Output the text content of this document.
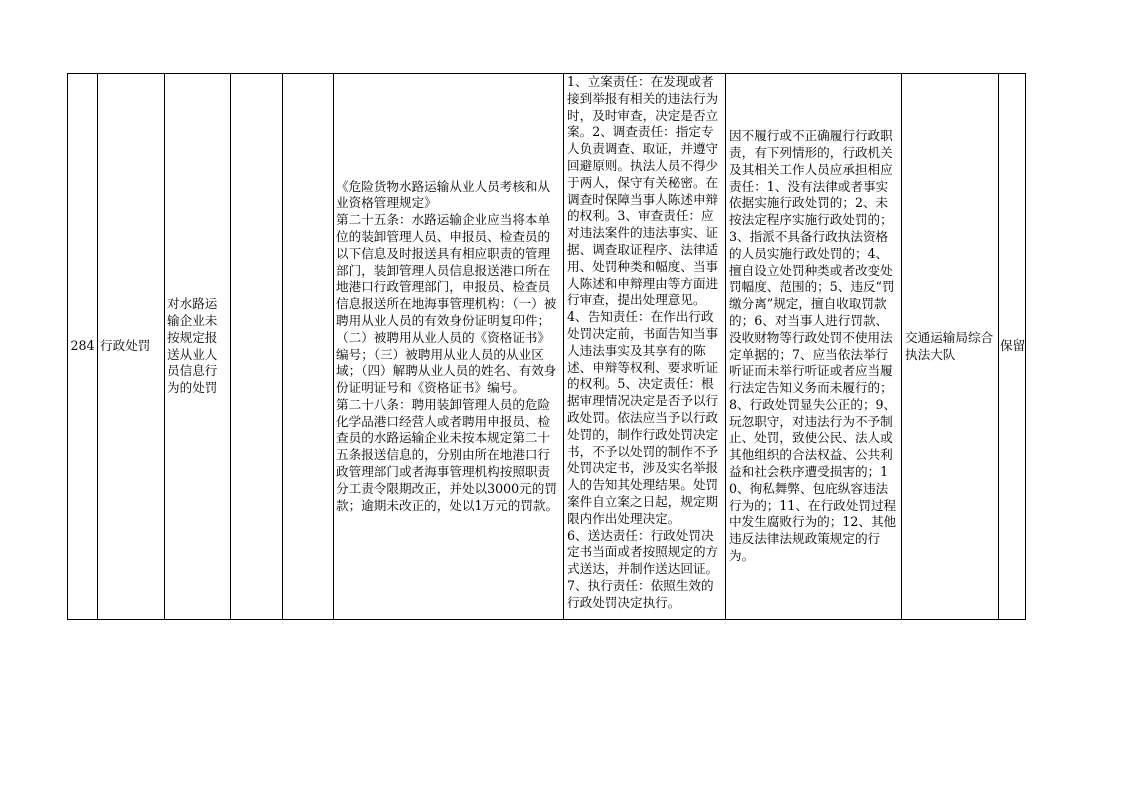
284 行政处罚
对水路运输企业未按规定报送从业人员信息行为的处罚
《危险货物水路运输从业人员考核和从业资格管理规定》
第二十五条：水路运输企业应当将本单位的装卸管理人员、申报员、检查员的以下信息及时报送具有相应职责的管理部门，装卸管理人员信息报送港口所在地港口行政管理部门，申报员、检查员信息报送所在地海事管理机构：（一）被聘用从业人员的有效身份证明复印件；（二）被聘用从业人员的《资格证书》编号；（三）被聘用从业人员的从业区域；（四）解聘从业人员的姓名、有效身份证明证号和《资格证书》编号。
第二十八条：聘用装卸管理人员的危险化学品港口经营人或者聘用申报员、检查员的水路运输企业未按本规定第二十五条报送信息的，分别由所在地港口行政管理部门或者海事管理机构按照职责分工责令限期改正，并处以3000元的罚款；逾期未改正的，处以1万元的罚款。
1、立案责任：在发现或者接到举报有相关的违法行为时，及时审查，决定是否立案。2、调查责任：指定专人负责调查、取证，并遵守回避原则。执法人员不得少于两人，保守有关秘密。在调查时保障当事人陈述申辩的权利。3、审查责任：应对违法案件的违法事实、证据、调查取证程序、法律适用、处罚种类和幅度、当事人陈述和申辩理由等方面进行审查，提出处理意见。4、告知责任：在作出行政处罚决定前，书面告知当事人违法事实及其享有的陈述、申辩等权利、要求听证的权利。5、决定责任：根据审理情况决定是否予以行政处罚。依法应当予以行政处罚的，制作行政处罚决定书，不予以处罚的制作不予处罚决定书，涉及实名举报人的告知其处理结果。处罚案件自立案之日起，规定期限内作出处理决定。
6、送达责任：行政处罚决定书当面或者按照规定的方式送达，并制作送达回证。7、执行责任：依照生效的行政处罚决定执行。
因不履行或不正确履行行政职责，有下列情形的，行政机关及其相关工作人员应承担相应责任：1、没有法律或者事实依据实施行政处罚的；2、未按法定程序实施行政处罚的；3、指派不具备行政执法资格的人员实施行政处罚的；4、擅自设立处罚种类或者改变处罚幅度、范围的；5、违反“罚缴分离”规定，擅自收取罚款的；6、对当事人进行罚款、没收财物等行政处罚不使用法定单据的；7、应当依法举行听证而未举行听证或者应当履行法定告知义务而未履行的；8、行政处罚显失公正的；9、玩忽职守，对违法行为不予制止、处罚，致使公民、法人或其他组织的合法权益、公共利益和社会秩序遭受损害的；10、徇私舞弊、包庇纵容违法行为的；11、在行政处罚过程中发生腐败行为的；12、其他违反法律法规政策规定的行为。
交通运输局综合执法大队
保留
